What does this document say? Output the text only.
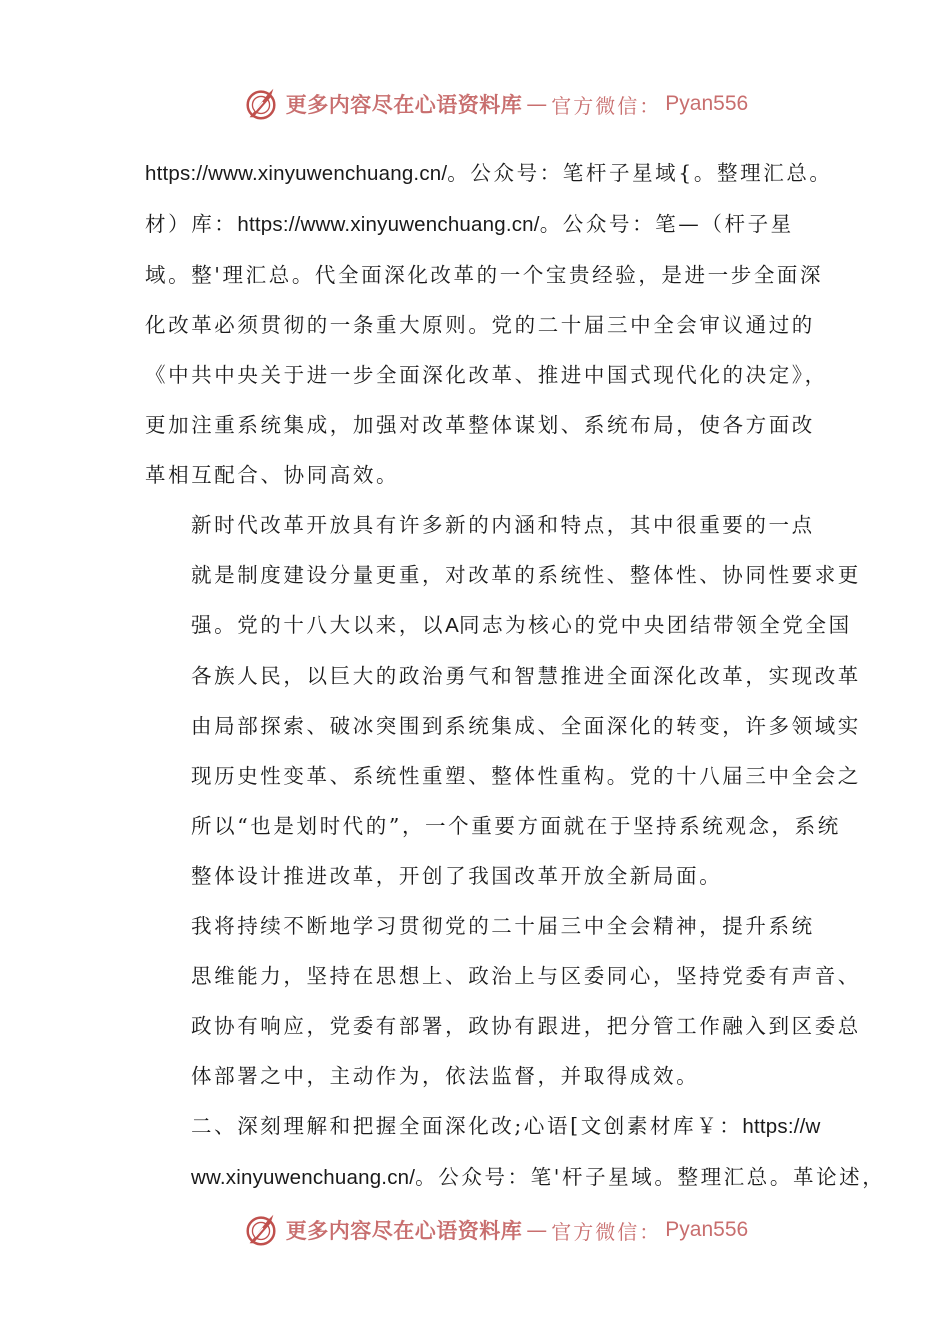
更多内容尽在心语资料库 — 官方微信： Pyan556

https://www.xinyuwenchuang.cn/。公众号：笔杆子星域{。整理汇总。
材）库：https://www.xinyuwenchuang.cn/。公众号：笔—（杆子星
域。整'理汇总。代全面深化改革的一个宝贵经验，是进一步全面深
化改革必须贯彻的一条重大原则。党的二十届三中全会审议通过的
《中共中央关于进一步全面深化改革、推进中国式现代化的决定》，
更加注重系统集成，加强对改革整体谋划、系统布局，使各方面改
革相互配合、协同高效。

新时代改革开放具有许多新的内涵和特点，其中很重要的一点
就是制度建设分量更重，对改革的系统性、整体性、协同性要求更
强。党的十八大以来，以A同志为核心的党中央团结带领全党全国
各族人民，以巨大的政治勇气和智慧推进全面深化改革，实现改革
由局部探索、破冰突围到系统集成、全面深化的转变，许多领域实
现历史性变革、系统性重塑、整体性重构。党的十八届三中全会之
所以“也是划时代的”，一个重要方面就在于坚持系统观念，系统
整体设计推进改革，开创了我国改革开放全新局面。

我将持续不断地学习贯彻党的二十届三中全会精神，提升系统
思维能力，坚持在思想上、政治上与区委同心，坚持党委有声音、
政协有响应，党委有部署，政协有跟进，把分管工作融入到区委总
体部署之中，主动作为，依法监督，并取得成效。

二、深刻理解和把握全面深化改;心语[文创素材库￥：https://w
ww.xinyuwenchuang.cn/。公众号：笔'杆子星域。整理汇总。革论述，

更多内容尽在心语资料库 — 官方微信： Pyan556
